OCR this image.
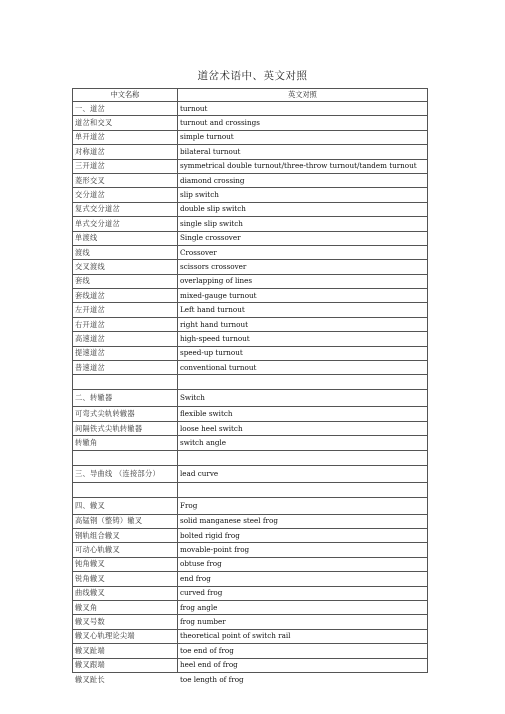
道岔术语中、英文对照
中文名称	英文对照
一、道岔	turnout
道岔和交叉	turnout and crossings
单开道岔	simple turnout
对称道岔	bilateral turnout
三开道岔	symmetrical double turnout/three-throw turnout/tandem turnout
菱形交叉	diamond crossing
交分道岔	slip switch
复式交分道岔	double slip switch
单式交分道岔	single slip switch
单渡线	Single crossover
渡线	Crossover
交叉渡线	scissors crossover
套线	overlapping of lines
套线道岔	mixed-gauge turnout
左开道岔	Left hand turnout
右开道岔	right hand turnout
高速道岔	high-speed turnout
提速道岔	speed-up turnout
普速道岔	conventional turnout

二、转辙器	Switch
可弯式尖轨转辙器	flexible switch
间隔铁式尖轨转辙器	loose heel switch
转辙角	switch angle

三、导曲线 （连接部分）	lead curve

四、辙叉	Frog
高锰钢（整铸）辙叉	solid manganese steel frog
钢轨组合辙叉	bolted rigid frog
可动心轨辙叉	movable-point frog
钝角辙叉	obtuse frog
锐角辙叉	end frog
曲线辙叉	curved frog
辙叉角	frog angle
辙叉号数	frog number
辙叉心轨理论尖端	theoretical point of switch rail
辙叉趾端	toe end of frog
辙叉跟端	heel end of frog
辙叉趾长	toe length of frog
